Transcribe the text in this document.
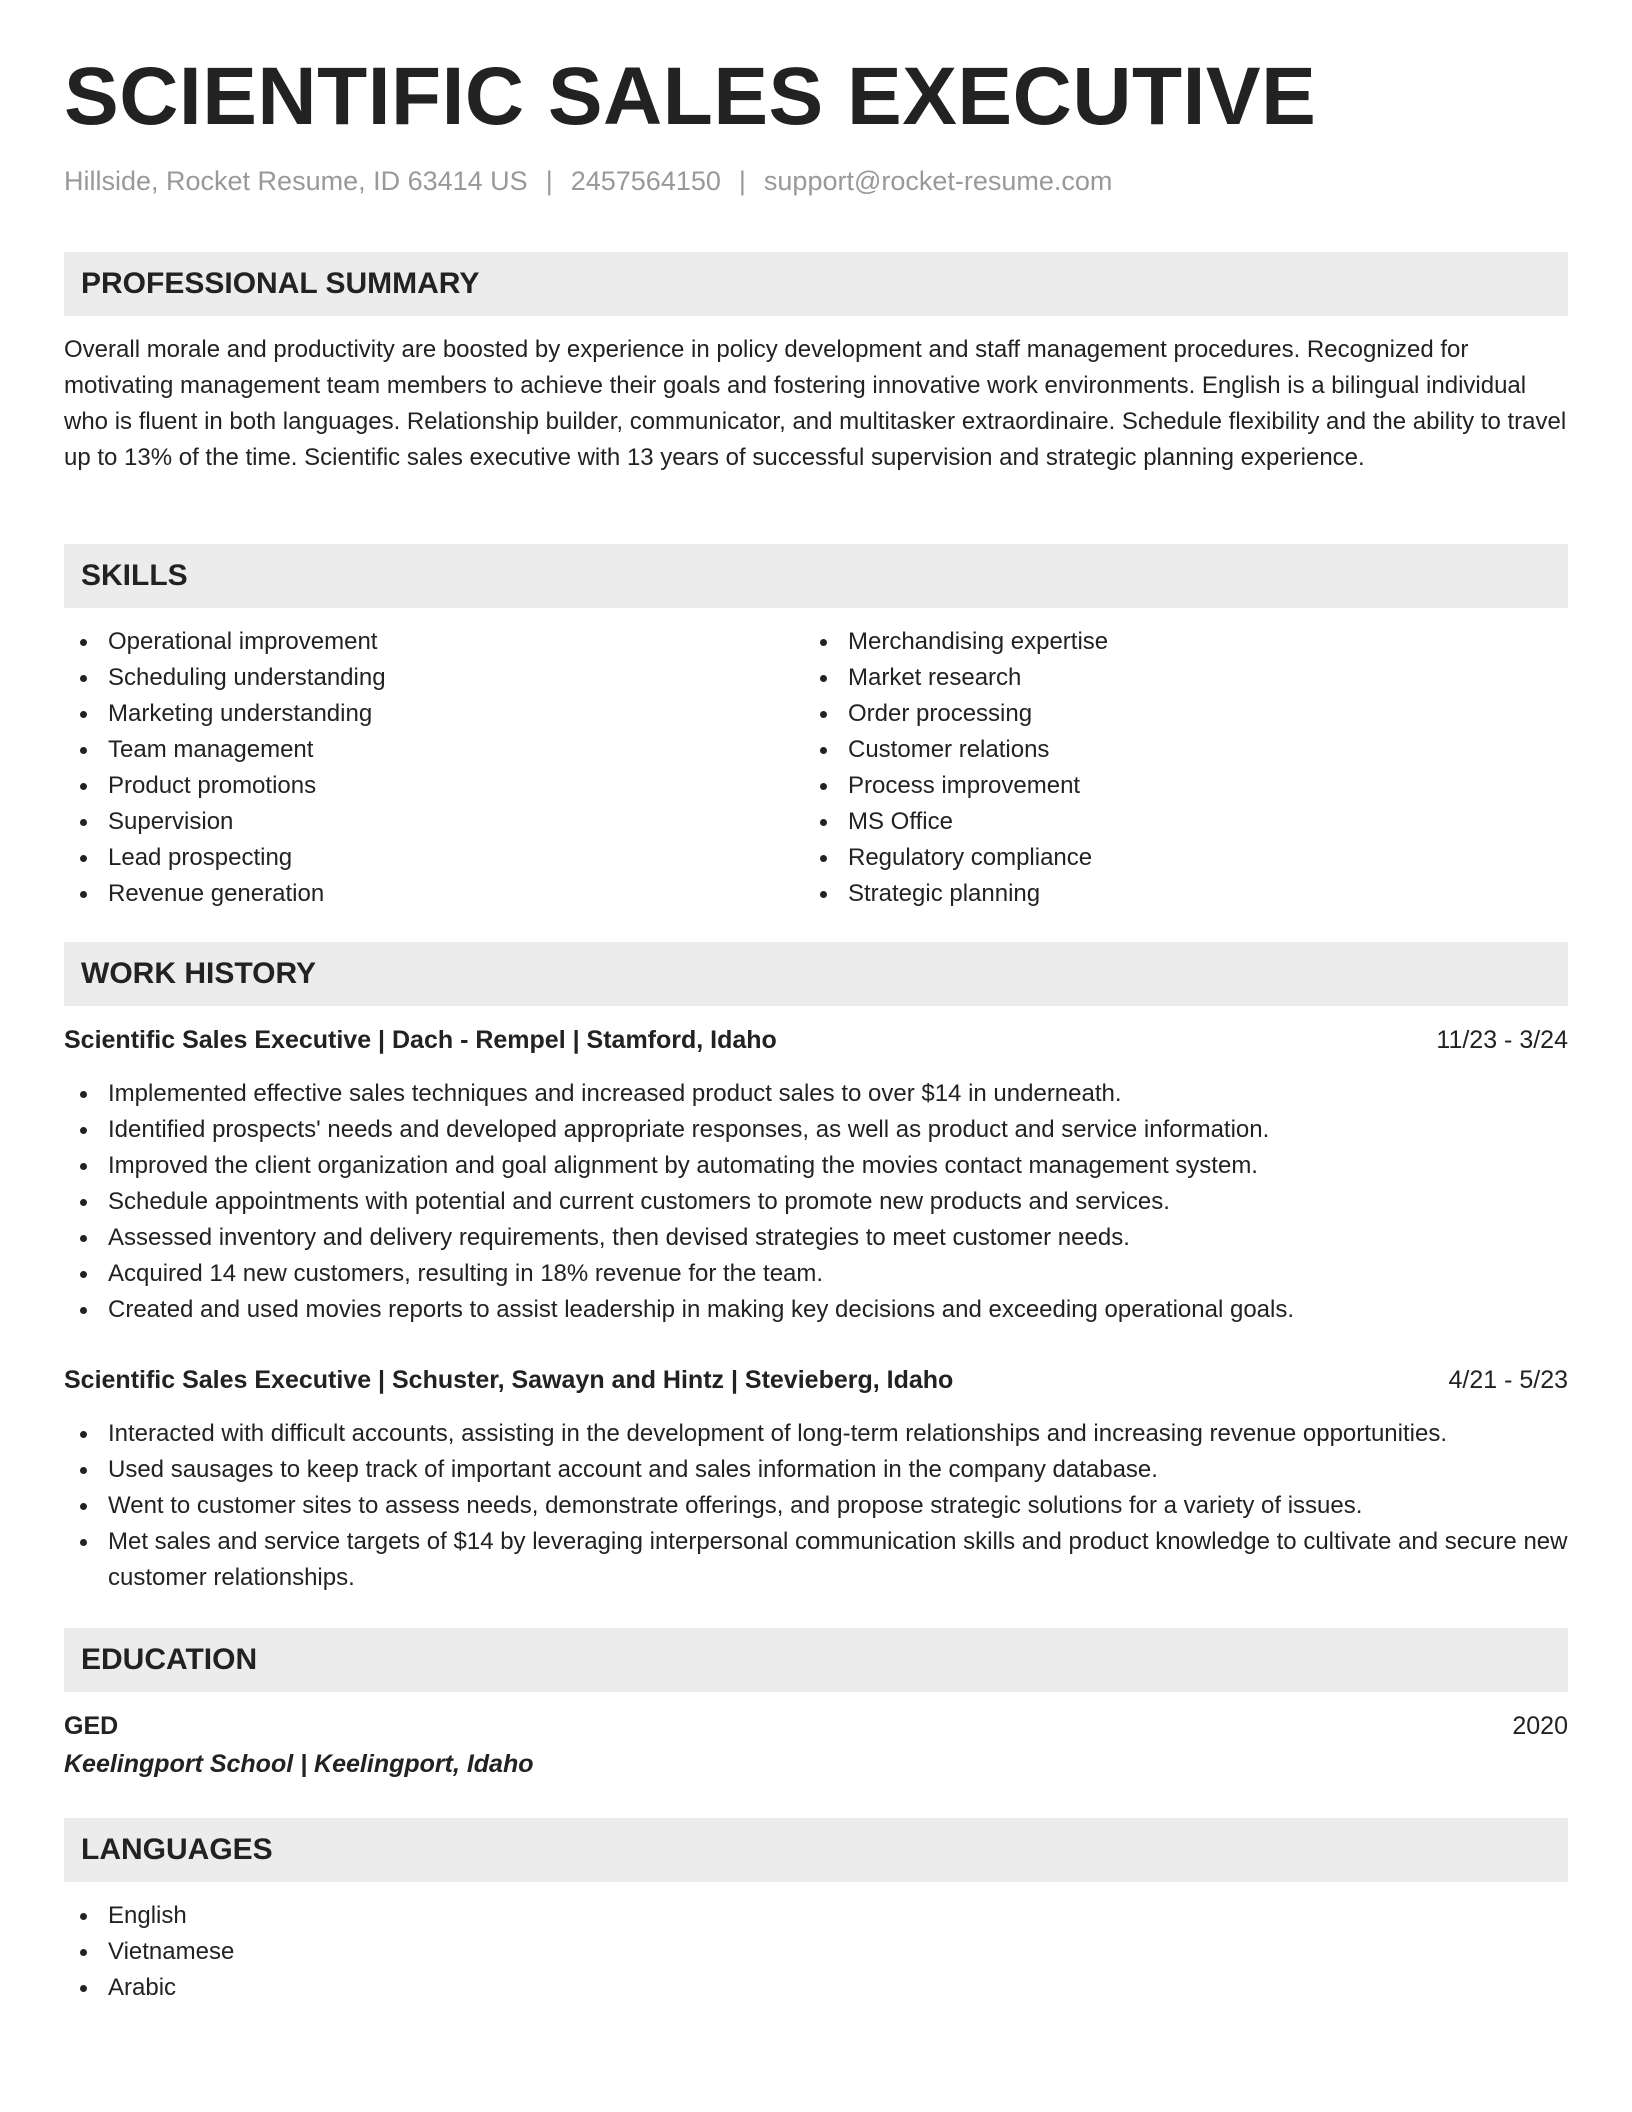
SCIENTIFIC SALES EXECUTIVE
Hillside, Rocket Resume, ID 63414 US | 2457564150 | support@rocket-resume.com
PROFESSIONAL SUMMARY

Overall morale and productivity are boosted by experience in policy development and staff management procedures. Recognized for motivating management team members to achieve their goals and fostering innovative work environments. English is a bilingual individual who is fluent in both languages. Relationship builder, communicator, and multitasker extraordinaire. Schedule flexibility and the ability to travel up to 13% of the time. Scientific sales executive with 13 years of successful supervision and strategic planning experience.

SKILLS
Operational improvement
Scheduling understanding
Marketing understanding
Team management
Product promotions
Supervision
Lead prospecting
Revenue generation
Merchandising expertise
Market research
Order processing
Customer relations
Process improvement
MS Office
Regulatory compliance
Strategic planning
WORK HISTORY
Scientific Sales Executive | Dach - Rempel | Stamford, Idaho	11/23 - 3/24
Implemented effective sales techniques and increased product sales to over $14 in underneath.
Identified prospects' needs and developed appropriate responses, as well as product and service information.
Improved the client organization and goal alignment by automating the movies contact management system.
Schedule appointments with potential and current customers to promote new products and services.
Assessed inventory and delivery requirements, then devised strategies to meet customer needs.
Acquired 14 new customers, resulting in 18% revenue for the team.
Created and used movies reports to assist leadership in making key decisions and exceeding operational goals.
Scientific Sales Executive | Schuster, Sawayn and Hintz | Stevieberg, Idaho	4/21 - 5/23
Interacted with difficult accounts, assisting in the development of long-term relationships and increasing revenue opportunities.
Used sausages to keep track of important account and sales information in the company database.
Went to customer sites to assess needs, demonstrate offerings, and propose strategic solutions for a variety of issues.
Met sales and service targets of $14 by leveraging interpersonal communication skills and product knowledge to cultivate and secure new customer relationships.
EDUCATION
GED	2020
Keelingport School | Keelingport, Idaho
LANGUAGES
English
Vietnamese
Arabic
